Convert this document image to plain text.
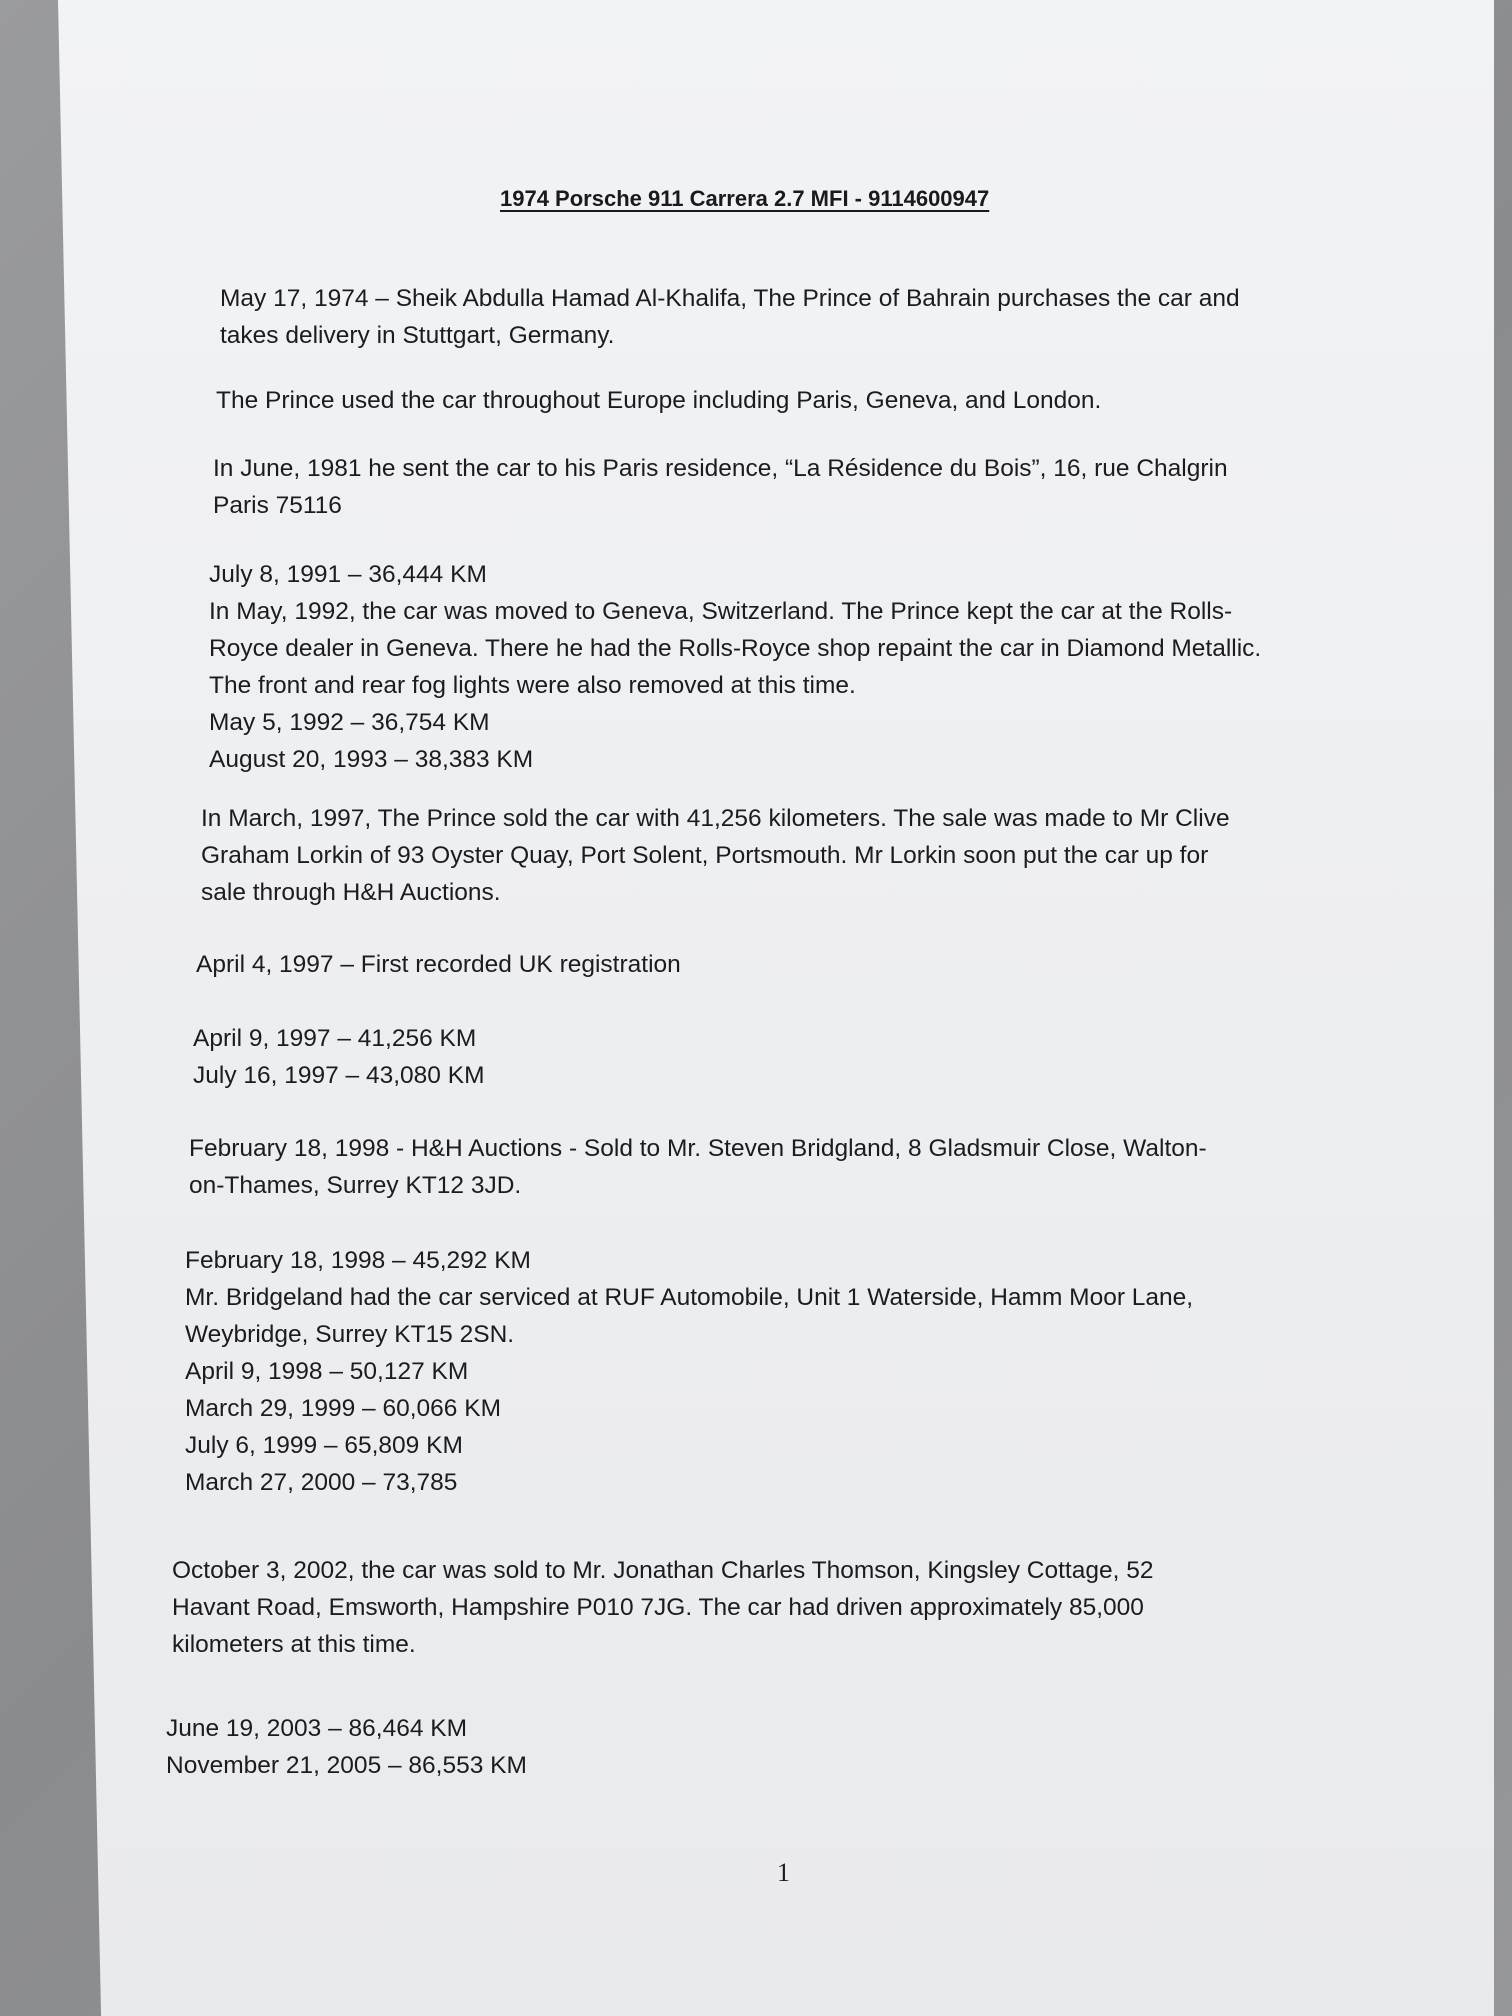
1974 Porsche 911 Carrera 2.7 MFI - 9114600947
May 17, 1974 – Sheik Abdulla Hamad Al-Khalifa, The Prince of Bahrain purchases the car and
takes delivery in Stuttgart, Germany.
The Prince used the car throughout Europe including Paris, Geneva, and London.
In June, 1981 he sent the car to his Paris residence, “La Résidence du Bois”, 16, rue Chalgrin
Paris 75116
July 8, 1991 – 36,444 KM
In May, 1992, the car was moved to Geneva, Switzerland. The Prince kept the car at the Rolls-
Royce dealer in Geneva. There he had the Rolls-Royce shop repaint the car in Diamond Metallic.
The front and rear fog lights were also removed at this time.
May 5, 1992 – 36,754 KM
August 20, 1993 – 38,383 KM
In March, 1997, The Prince sold the car with 41,256 kilometers. The sale was made to Mr Clive
Graham Lorkin of 93 Oyster Quay, Port Solent, Portsmouth. Mr Lorkin soon put the car up for
sale through H&H Auctions.
April 4, 1997 – First recorded UK registration
April 9, 1997 – 41,256 KM
July 16, 1997 – 43,080 KM
February 18, 1998 - H&H Auctions - Sold to Mr. Steven Bridgland, 8 Gladsmuir Close, Walton-
on-Thames, Surrey KT12 3JD.
February 18, 1998 – 45,292 KM
Mr. Bridgeland had the car serviced at RUF Automobile, Unit 1 Waterside, Hamm Moor Lane,
Weybridge, Surrey KT15 2SN.
April 9, 1998 – 50,127 KM
March 29, 1999 – 60,066 KM
July 6, 1999 – 65,809 KM
March 27, 2000 – 73,785
October 3, 2002, the car was sold to Mr. Jonathan Charles Thomson, Kingsley Cottage, 52
Havant Road, Emsworth, Hampshire P010 7JG. The car had driven approximately 85,000
kilometers at this time.
June 19, 2003 – 86,464 KM
November 21, 2005 – 86,553 KM
1
